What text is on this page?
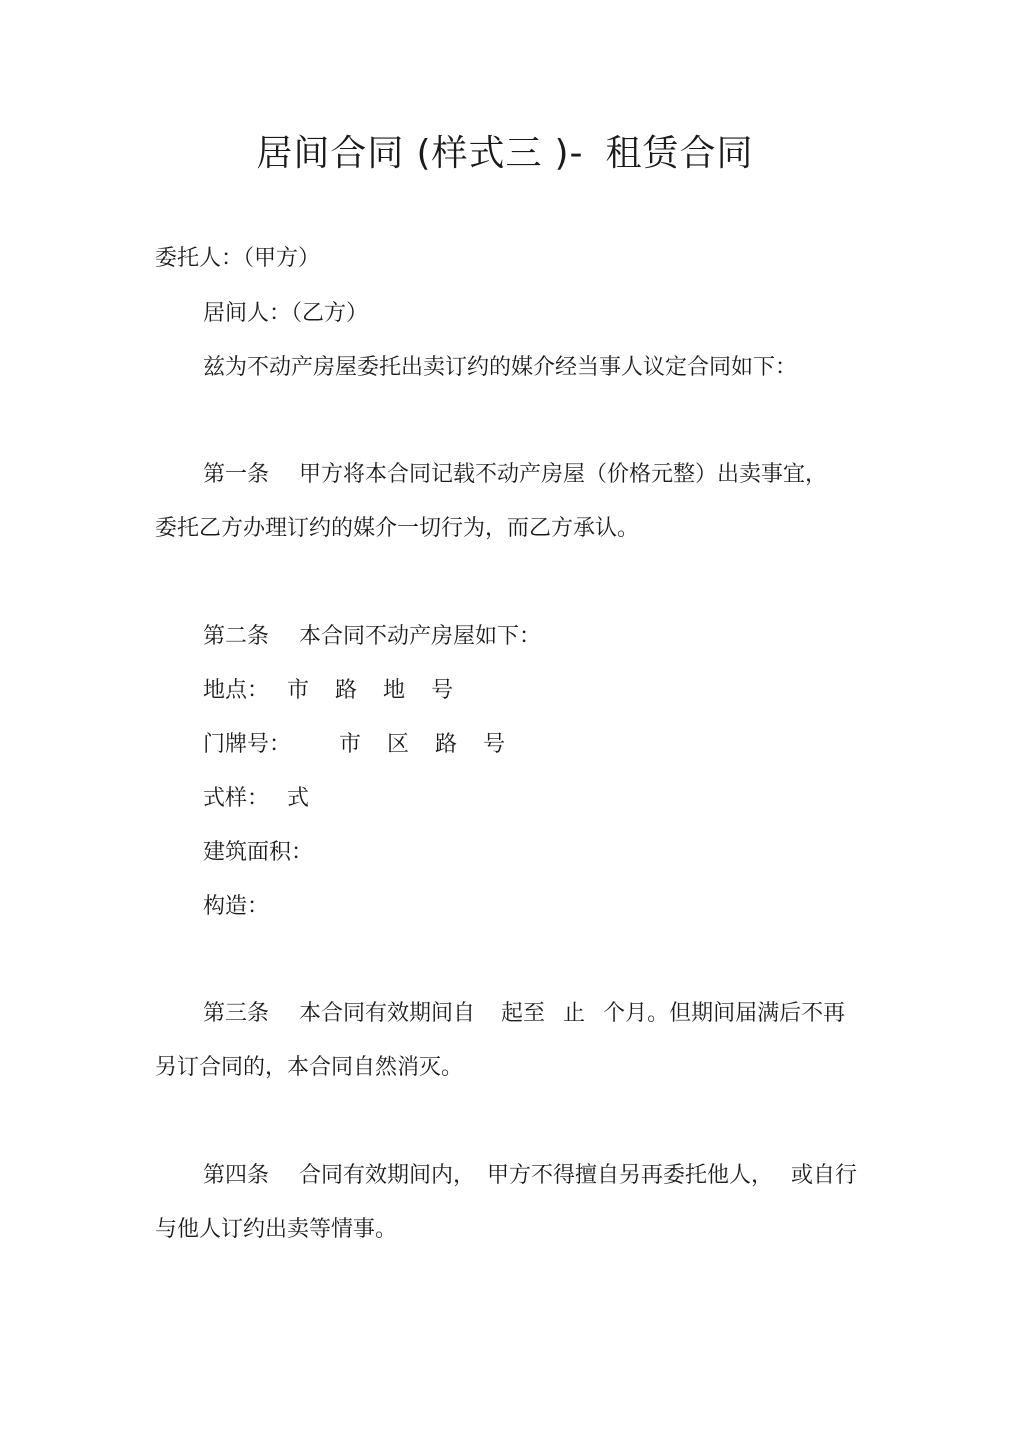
居间合同 (样式三 )- 租赁合同
委托人：（甲方）
居间人：（乙方）
兹为不动产房屋委托出卖订约的媒介经当事人议定合同如下：
第一条 甲方将本合同记载不动产房屋（价格元整）出卖事宜，
委托乙方办理订约的媒介一切行为，而乙方承认。
第二条 本合同不动产房屋如下：
地点： 市 路 地 号
门牌号： 市 区 路 号
式样： 式
建筑面积：
构造：
第三条 本合同有效期间自 起至 止 个月。但期间届满后不再
另订合同的，本合同自然消灭。
第四条 合同有效期间内， 甲方不得擅自另再委托他人， 或自行
与他人订约出卖等情事。
